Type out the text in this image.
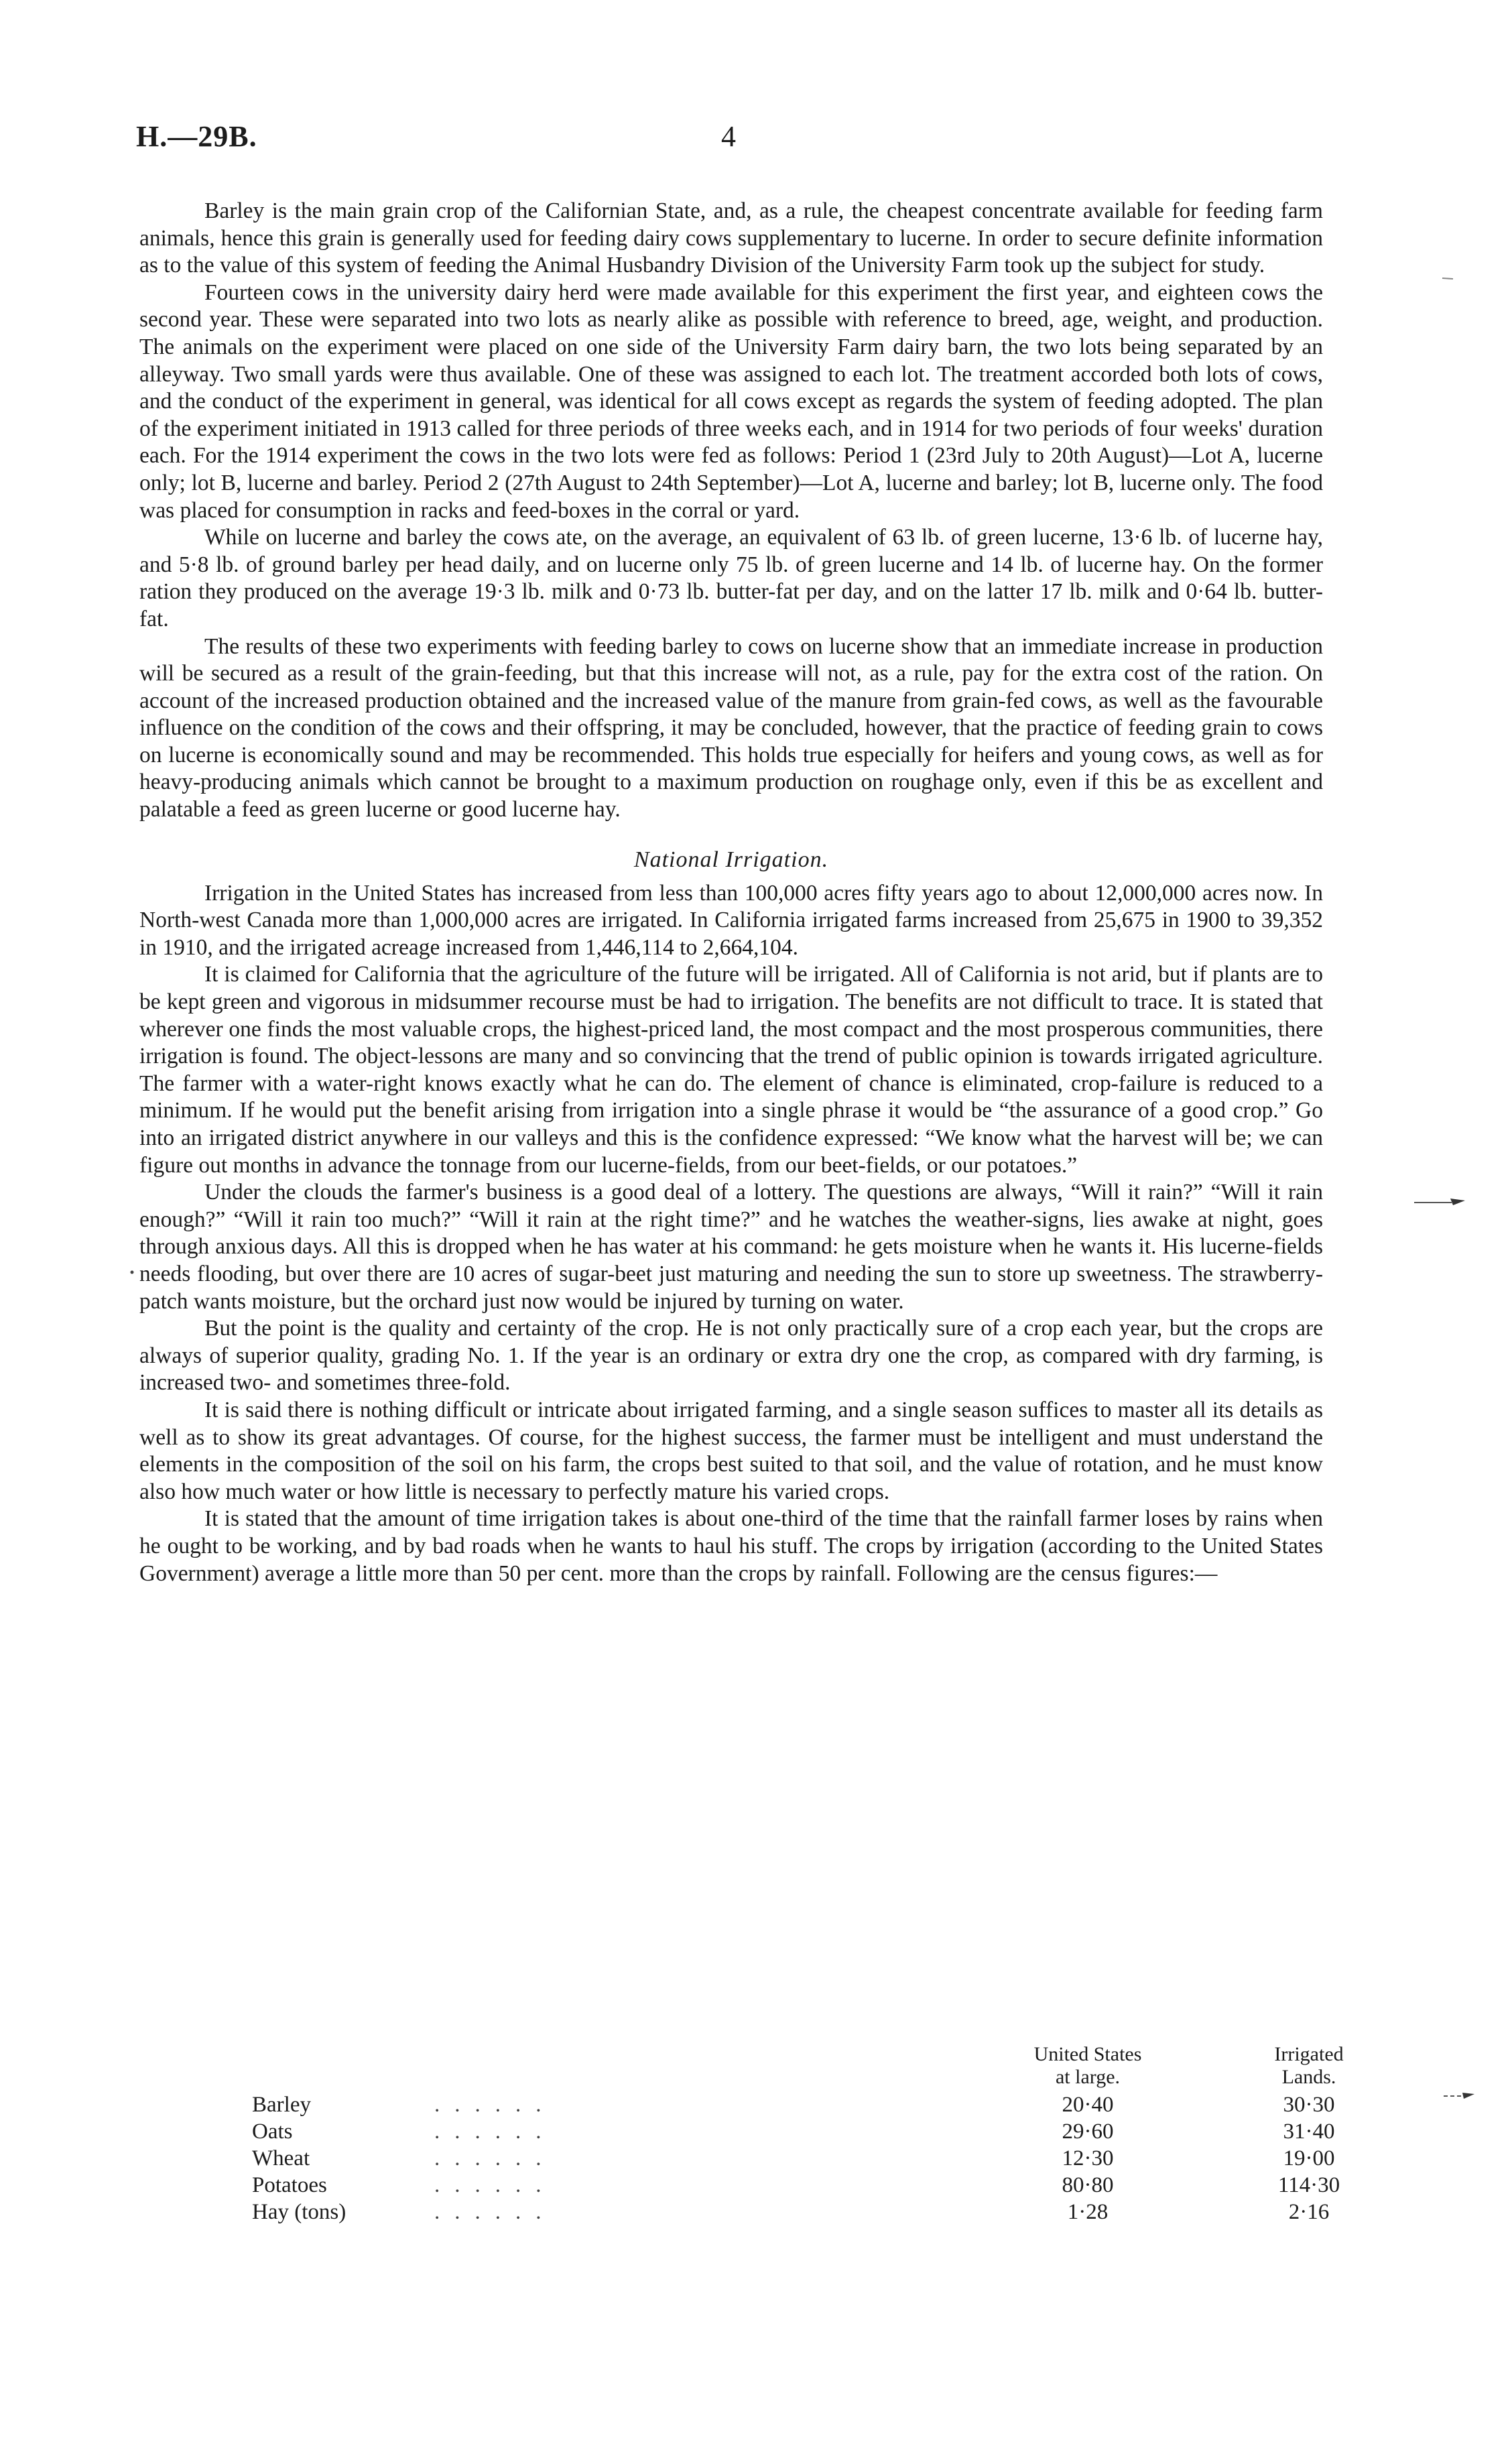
H.—29B.	4

Barley is the main grain crop of the Californian State, and, as a rule, the cheapest concentrate available for feeding farm animals, hence this grain is generally used for feeding dairy cows supplementary to lucerne. In order to secure definite information as to the value of this system of feeding the Animal Husbandry Division of the University Farm took up the subject for study.

Fourteen cows in the university dairy herd were made available for this experiment the first year, and eighteen cows the second year. These were separated into two lots as nearly alike as possible with reference to breed, age, weight, and production. The animals on the experiment were placed on one side of the University Farm dairy barn, the two lots being separated by an alleyway. Two small yards were thus available. One of these was assigned to each lot. The treatment accorded both lots of cows, and the conduct of the experiment in general, was identical for all cows except as regards the system of feeding adopted. The plan of the experiment initiated in 1913 called for three periods of three weeks each, and in 1914 for two periods of four weeks' duration each. For the 1914 experiment the cows in the two lots were fed as follows: Period 1 (23rd July to 20th August)—Lot A, lucerne only; lot B, lucerne and barley. Period 2 (27th August to 24th September)—Lot A, lucerne and barley; lot B, lucerne only. The food was placed for consumption in racks and feed-boxes in the corral or yard.

While on lucerne and barley the cows ate, on the average, an equivalent of 63 lb. of green lucerne, 13·6 lb. of lucerne hay, and 5·8 lb. of ground barley per head daily, and on lucerne only 75 lb. of green lucerne and 14 lb. of lucerne hay. On the former ration they produced on the average 19·3 lb. milk and 0·73 lb. butter-fat per day, and on the latter 17 lb. milk and 0·64 lb. butter-fat.

The results of these two experiments with feeding barley to cows on lucerne show that an immediate increase in production will be secured as a result of the grain-feeding, but that this increase will not, as a rule, pay for the extra cost of the ration. On account of the increased production obtained and the increased value of the manure from grain-fed cows, as well as the favourable influence on the condition of the cows and their offspring, it may be concluded, however, that the practice of feeding grain to cows on lucerne is economically sound and may be recommended. This holds true especially for heifers and young cows, as well as for heavy-producing animals which cannot be brought to a maximum production on roughage only, even if this be as excellent and palatable a feed as green lucerne or good lucerne hay.

National Irrigation.

Irrigation in the United States has increased from less than 100,000 acres fifty years ago to about 12,000,000 acres now. In North-west Canada more than 1,000,000 acres are irrigated. In California irrigated farms increased from 25,675 in 1900 to 39,352 in 1910, and the irrigated acreage increased from 1,446,114 to 2,664,104.

It is claimed for California that the agriculture of the future will be irrigated. All of California is not arid, but if plants are to be kept green and vigorous in midsummer recourse must be had to irrigation. The benefits are not difficult to trace. It is stated that wherever one finds the most valuable crops, the highest-priced land, the most compact and the most prosperous communities, there irrigation is found. The object-lessons are many and so convincing that the trend of public opinion is towards irrigated agriculture. The farmer with a water-right knows exactly what he can do. The element of chance is eliminated, crop-failure is reduced to a minimum. If he would put the benefit arising from irrigation into a single phrase it would be “the assurance of a good crop.” Go into an irrigated district anywhere in our valleys and this is the confidence expressed: “We know what the harvest will be; we can figure out months in advance the tonnage from our lucerne-fields, from our beet-fields, or our potatoes.”

Under the clouds the farmer's business is a good deal of a lottery. The questions are always, “Will it rain?” “Will it rain enough?” “Will it rain too much?” “Will it rain at the right time?” and he watches the weather-signs, lies awake at night, goes through anxious days. All this is dropped when he has water at his command: he gets moisture when he wants it. His lucerne-fields needs flooding, but over there are 10 acres of sugar-beet just maturing and needing the sun to store up sweetness. The strawberry-patch wants moisture, but the orchard just now would be injured by turning on water.

But the point is the quality and certainty of the crop. He is not only practically sure of a crop each year, but the crops are always of superior quality, grading No. 1. If the year is an ordinary or extra dry one the crop, as compared with dry farming, is increased two- and sometimes three-fold.

It is said there is nothing difficult or intricate about irrigated farming, and a single season suffices to master all its details as well as to show its great advantages. Of course, for the highest success, the farmer must be intelligent and must understand the elements in the composition of the soil on his farm, the crops best suited to that soil, and the value of rotation, and he must know also how much water or how little is necessary to perfectly mature his varied crops.

It is stated that the amount of time irrigation takes is about one-third of the time that the rainfall farmer loses by rains when he ought to be working, and by bad roads when he wants to haul his stuff. The crops by irrigation (according to the United States Government) average a little more than 50 per cent. more than the crops by rainfall. Following are the census figures:—

United States
at large.
Irrigated
Lands.
Barley	......	20·40	30·30
Oats	......	29·60	31·40
Wheat	......	12·30	19·00
Potatoes	......	80·80	114·30
Hay (tons)	......	1·28	2·16
